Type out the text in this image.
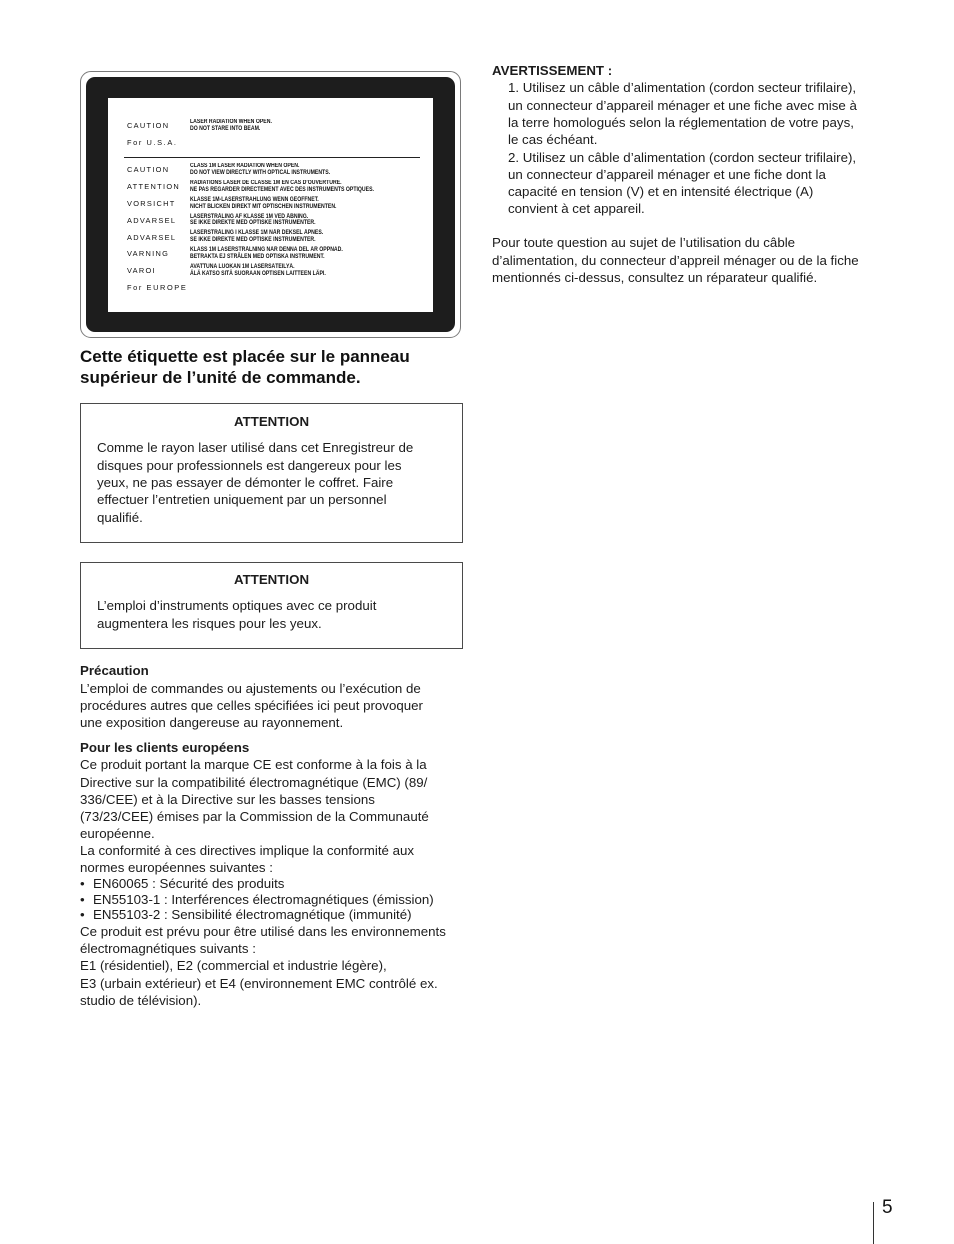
CAUTION	LASER RADIATION WHEN OPEN.
DO NOT STARE INTO BEAM.
For U.S.A.
CAUTION	CLASS 1M LASER RADIATION WHEN OPEN.
DO NOT VIEW DIRECTLY WITH OPTICAL INSTRUMENTS.
ATTENTION	RADIATIONS LASER DE CLASSE 1M EN CAS D’OUVERTURE.
NE PAS REGARDER DIRECTEMENT AVEC DES INSTRUMENTS OPTIQUES.
VORSICHT	KLASSE 1M-LASERSTRAHLUNG WENN GEÖFFNET.
NICHT BLICKEN DIREKT MIT OPTISCHEN INSTRUMENTEN.
ADVARSEL	LASERSTRÅLING AF KLASSE 1M VED ÅBNING.
SE IKKE DIREKTE MED OPTISKE INSTRUMENTER.
ADVARSEL	LASERSTRÅLING I KLASSE 1M NÅR DEKSEL ÅPNES.
SE IKKE DIREKTE MED OPTISKE INSTRUMENTER.
VARNING	KLASS 1M LASERSTRÅLNING NÄR DENNA DEL ÄR ÖPPNAD.
BETRAKTA EJ STRÅLEN MED OPTISKA INSTRUMENT.
VAROI	AVATTUNA LUOKAN 1M LASERSÄTEILYÄ.
ÄLÄ KATSO SITÄ SUORAAN OPTISEN LAITTEEN LÄPI.
For EUROPE
Cette étiquette est placée sur le panneau
supérieur de l’unité de commande.
ATTENTION
Comme le rayon laser utilisé dans cet Enregistreur de
disques pour professionnels est dangereux pour les
yeux, ne pas essayer de démonter le coffret. Faire
effectuer l’entretien uniquement par un personnel
qualifié.
ATTENTION
L’emploi d’instruments optiques avec ce produit
augmentera les risques pour les yeux.
Précaution
L’emploi de commandes ou ajustements ou l’exécution de
procédures autres que celles spécifiées ici peut provoquer
une exposition dangereuse au rayonnement.
Pour les clients européens
Ce produit portant la marque CE est conforme à la fois à la
Directive sur la compatibilité électromagnétique (EMC) (89/
336/CEE) et à la Directive sur les basses tensions
(73/23/CEE) émises par la Commission de la Communauté
européenne.
La conformité à ces directives implique la conformité aux
normes européennes suivantes :
• EN60065 : Sécurité des produits
• EN55103-1 : Interférences électromagnétiques (émission)
• EN55103-2 : Sensibilité électromagnétique (immunité)
Ce produit est prévu pour être utilisé dans les environnements
électromagnétiques suivants :
E1 (résidentiel), E2 (commercial et industrie légère),
E3 (urbain extérieur) et E4 (environnement EMC contrôlé ex.
studio de télévision).
AVERTISSEMENT :
1. Utilisez un câble d’alimentation (cordon secteur trifilaire),
un connecteur d’appareil ménager et une fiche avec mise à
la terre homologués selon la réglementation de votre pays,
le cas échéant.
2. Utilisez un câble d’alimentation (cordon secteur trifilaire),
un connecteur d’appareil ménager et une fiche dont la
capacité en tension (V) et en intensité électrique (A)
convient à cet appareil.
Pour toute question au sujet de l’utilisation du câble
d’alimentation, du connecteur d’appreil ménager ou de la fiche
mentionnés ci-dessus, consultez un réparateur qualifié.
5
